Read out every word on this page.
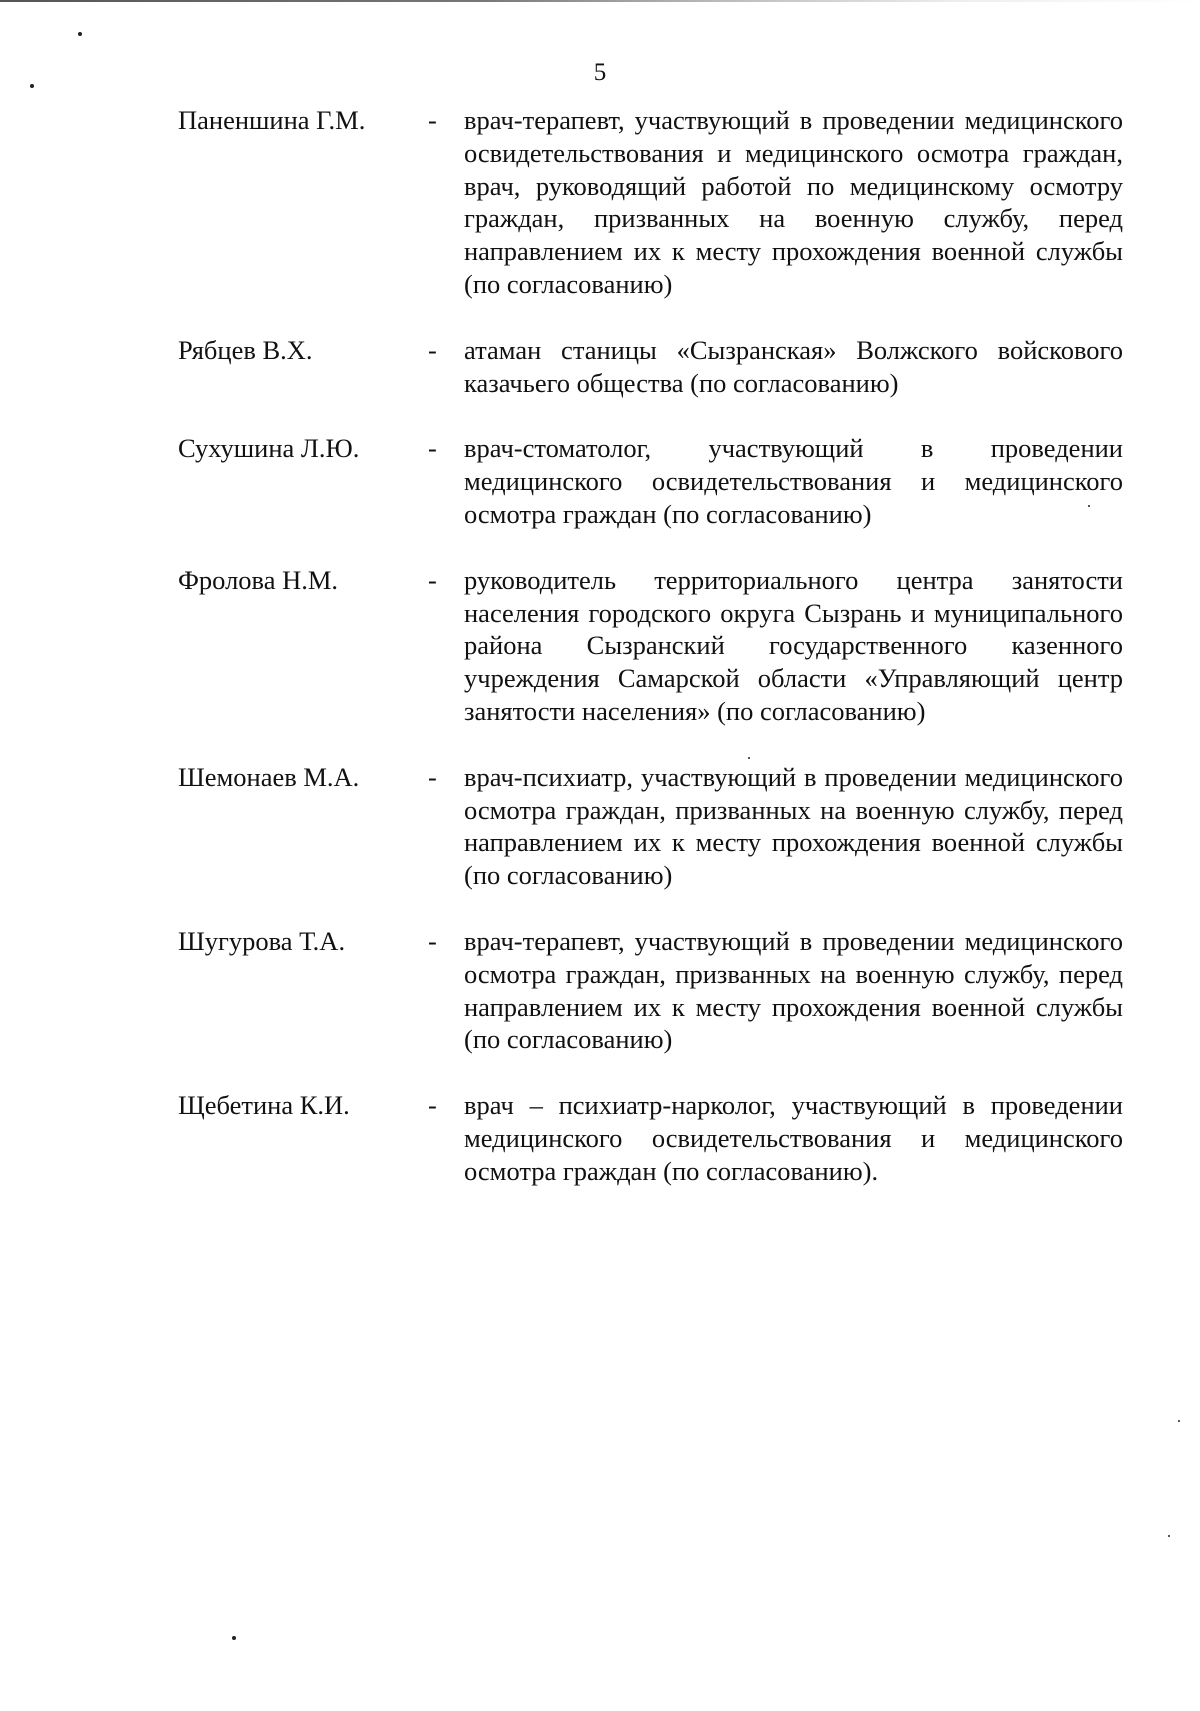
5
Паненшина Г.М.	-	врач-терапевт, участвующий в проведении медицинского освидетельствования и медицинского осмотра граждан, врач, руководящий работой по медицинскому осмотру граждан, призванных на военную службу, перед направлением их к месту прохождения военной службы (по согласованию)
Рябцев В.Х.	-	атаман станицы «Сызранская» Волжского войскового казачьего общества (по согласованию)
Сухушина Л.Ю.	-	врач-стоматолог, участвующий в проведении медицинского освидетельствования и медицинского осмотра граждан (по согласованию)
Фролова Н.М.	-	руководитель территориального центра занятости населения городского округа Сызрань и муниципального района Сызранский государственного казенного учреждения Самарской области «Управляющий центр занятости населения» (по согласованию)
Шемонаев М.А.	-	врач-психиатр, участвующий в проведении медицинского осмотра граждан, призванных на военную службу, перед направлением их к месту прохождения военной службы (по согласованию)
Шугурова Т.А.	-	врач-терапевт, участвующий в проведении медицинского осмотра граждан, призванных на военную службу, перед направлением их к месту прохождения военной службы (по согласованию)
Щебетина К.И.	-	врач – психиатр-нарколог, участвующий в проведении медицинского освидетельствования и медицинского осмотра граждан (по согласованию).
